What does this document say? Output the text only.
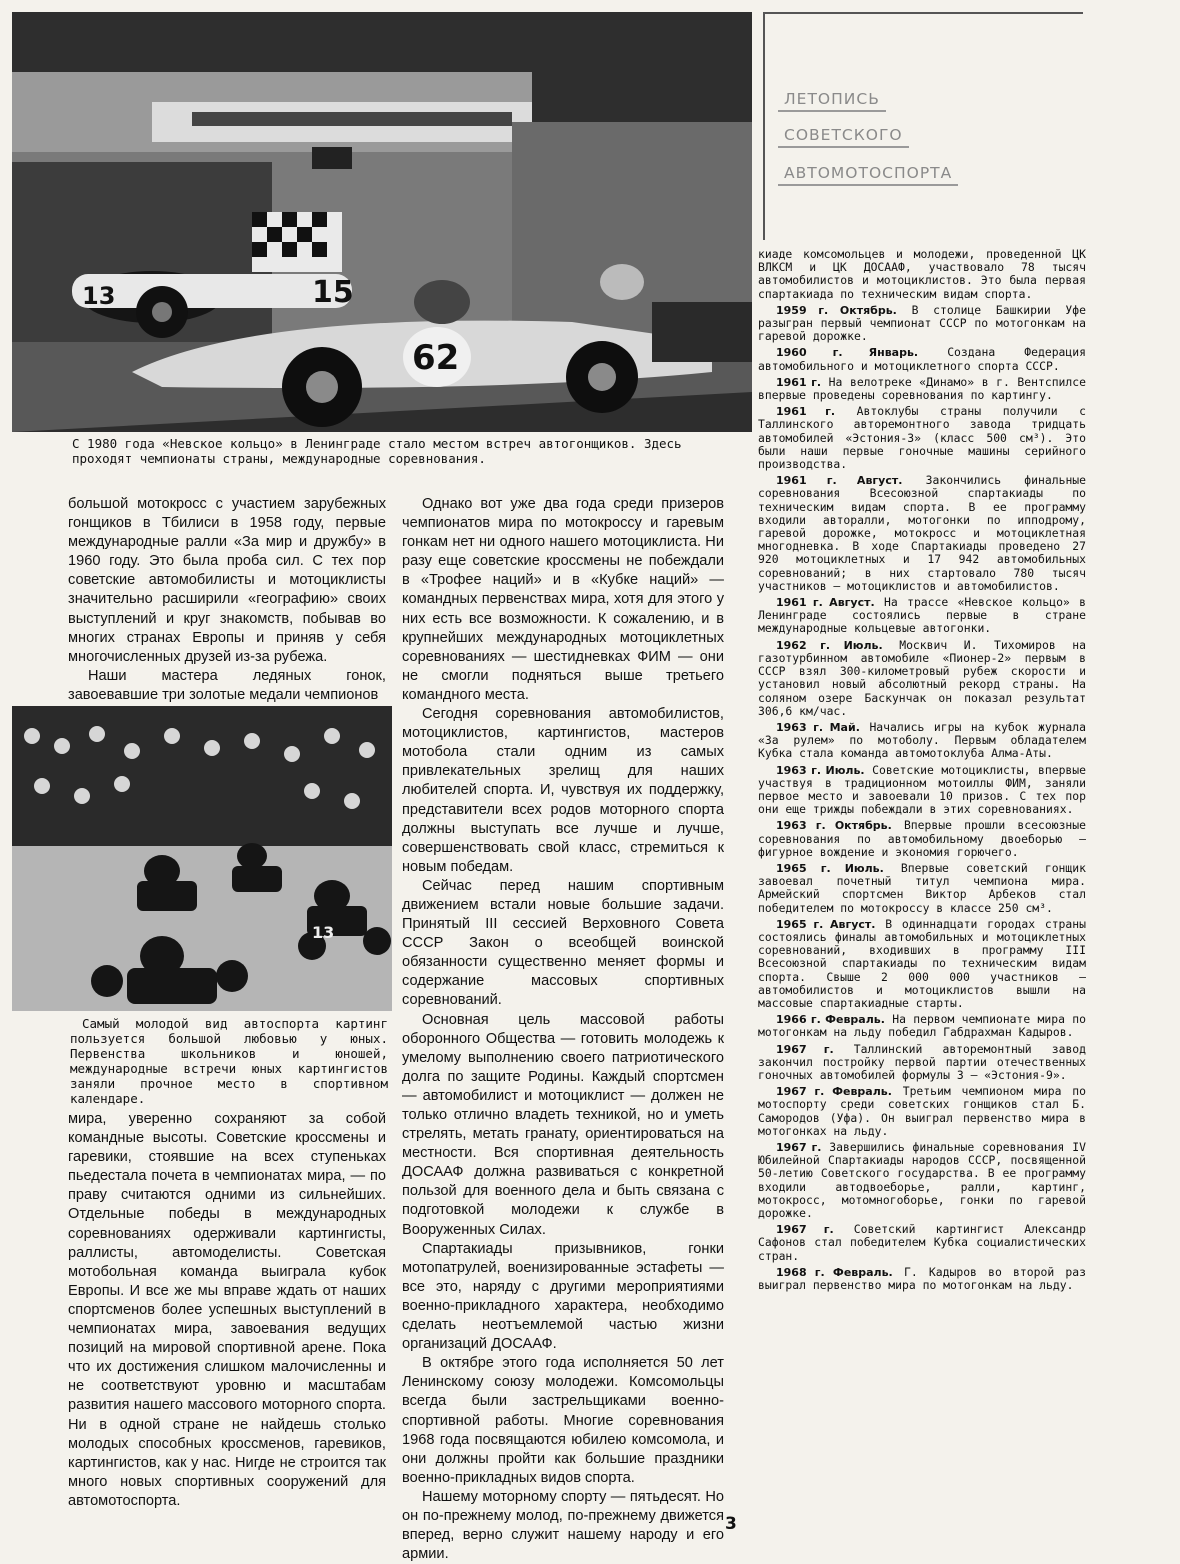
13	15
62
С 1980 года «Невское кольцо» в Ленинграде стало местом встреч автогонщиков. Здесь проходят чемпионаты страны, международные соревнования.

большой мотокросс с участием зарубежных гонщиков в Тбилиси в 1958 году, первые международные ралли «За мир и дружбу» в 1960 году. Это была проба сил. С тех пор советские автомобилисты и мотоциклисты значительно расширили «географию» своих выступлений и круг знакомств, побывав во многих странах Европы и приняв у себя многочисленных друзей из-за рубежа.

Наши мастера ледяных гонок, завоевавшие три золотые медали чемпионов

13
Самый молодой вид автоспорта картинг пользуется большой любовью у юных. Первенства школьников и юношей, международные встречи юных картингистов заняли прочное место в спортивном календаре.

мира, уверенно сохраняют за собой командные высоты. Советские кроссмены и гаревики, стоявшие на всех ступеньках пьедестала почета в чемпионатах мира, — по праву считаются одними из сильнейших. Отдельные победы в международных соревнованиях одерживали картингисты, раллисты, автомоделисты. Советская мотобольная команда выиграла кубок Европы. И все же мы вправе ждать от наших спортсменов более успешных выступлений в чемпионатах мира, завоевания ведущих позиций на мировой спортивной арене. Пока что их достижения слишком малочисленны и не соответствуют уровню и масштабам развития нашего массового моторного спорта. Ни в одной стране не найдешь столько молодых способных кроссменов, гаревиков, картингистов, как у нас. Нигде не строится так много новых спортивных сооружений для автомотоспорта.

Однако вот уже два года среди призеров чемпионатов мира по мотокроссу и гаревым гонкам нет ни одного нашего мотоциклиста. Ни разу еще советские кроссмены не побеждали в «Трофее наций» и в «Кубке наций» — командных первенствах мира, хотя для этого у них есть все возможности. К сожалению, и в крупнейших международных мотоциклетных соревнованиях — шестидневках ФИМ — они не смогли подняться выше третьего командного места.

Сегодня соревнования автомобилистов, мотоциклистов, картингистов, мастеров мотобола стали одним из самых привлекательных зрелищ для наших любителей спорта. И, чувствуя их поддержку, представители всех родов моторного спорта должны выступать все лучше и лучше, совершенствовать свой класс, стремиться к новым победам.

Сейчас перед нашим спортивным движением встали новые большие задачи. Принятый III сессией Верховного Совета СССР Закон о всеобщей воинской обязанности существенно меняет формы и содержание массовых спортивных соревнований.

Основная цель массовой работы оборонного Общества — готовить молодежь к умелому выполнению своего патриотического долга по защите Родины. Каждый спортсмен — автомобилист и мотоциклист — должен не только отлично владеть техникой, но и уметь стрелять, метать гранату, ориентироваться на местности. Вся спортивная деятельность ДОСААФ должна развиваться с конкретной пользой для военного дела и быть связана с подготовкой молодежи к службе в Вооруженных Силах.

Спартакиады призывников, гонки мотопатрулей, военизированные эстафеты — все это, наряду с другими мероприятиями военно-прикладного характера, необходимо сделать неотъемлемой частью жизни организаций ДОСААФ.

В октябре этого года исполняется 50 лет Ленинскому союзу молодежи. Комсомольцы всегда были застрельщиками военно-спортивной работы. Многие соревнования 1968 года посвящаются юбилею комсомола, и они должны пройти как большие праздники военно-прикладных видов спорта.

Нашему моторному спорту — пятьдесят. Но он по-прежнему молод, по-прежнему движется вперед, верно служит нашему народу и его армии.

ЛЕТОПИСЬ
СОВЕТСКОГО
АВТОМОТОСПОРТА

киаде комсомольцев и молодежи, проведенной ЦК ВЛКСМ и ЦК ДОСААФ, участвовало 78 тысяч автомобилистов и мотоциклистов. Это была первая спартакиада по техническим видам спорта.

1959 г. Октябрь. В столице Башкирии Уфе разыгран первый чемпионат СССР по мотогонкам на гаревой дорожке.

1960 г. Январь.	Создана Федерация автомобильного и мотоциклетного спорта СССР.

1961 г. На велотреке «Динамо» в г. Вентспилсе впервые проведены соревнования по картингу.

1961 г. Автоклубы страны получили с Таллинского авторемонтного завода тридцать автомобилей «Эстония-3» (класс 500 см³). Это были наши первые гоночные машины серийного производства.

1961 г. Август. Закончились финальные соревнования Всесоюзной спартакиады по техническим видам спорта. В ее программу входили авторалли, мотогонки по ипподрому, гаревой дорожке, мотокросс и мотоциклетная многодневка. В ходе Спартакиады проведено 27 920 мотоциклетных и 17 942 автомобильных соревнований; в них стартовало 780 тысяч участников — мотоциклистов и автомобилистов.

1961 г. Август. На трассе «Невское кольцо» в Ленинграде состоялись первые в стране международные кольцевые автогонки.

1962 г. Июль. Москвич И. Тихомиров на газотурбинном автомобиле «Пионер-2» первым в СССР взял 300-километровый рубеж скорости и установил новый абсолютный рекорд страны. На соляном озере Баскунчак он показал результат 306,6 км/час.

1963 г. Май. Начались игры на кубок журнала «За рулем» по мотоболу. Первым обладателем Кубка стала команда автомотоклуба Алма-Аты.

1963 г. Июль. Советские мотоциклисты, впервые участвуя в традиционном мотоиллы ФИМ, заняли первое место и завоевали 10 призов. С тех пор они еще трижды побеждали в этих соревнованиях.

1963 г. Октябрь. Впервые прошли всесоюзные соревнования по автомобильному двоеборью — фигурное вождение и экономия горючего.

1965 г. Июль. Впервые советский гонщик завоевал почетный титул чемпиона мира. Армейский спортсмен Виктор Арбеков стал победителем по мотокроссу в классе 250 см³.

1965 г. Август. В одиннадцати городах страны состоялись финалы автомобильных и мотоциклетных соревнований, входивших в программу III Всесоюзной спартакиады по техническим видам спорта. Свыше 2 000 000 участников — автомобилистов и мотоциклистов вышли на массовые спартакиадные старты.

1966 г. Февраль. На первом чемпионате мира по мотогонкам на льду победил Габдрахман Кадыров.

1967 г. Таллинский авторемонтный завод закончил постройку первой партии отечественных гоночных автомобилей формулы 3 — «Эстония-9».

1967 г. Февраль. Третьим чемпионом мира по мотоспорту среди советских гонщиков стал Б. Самородов (Уфа). Он выиграл первенство мира в мотогонках на льду.

1967 г. Завершились финальные соревнования IV Юбилейной Спартакиады народов СССР, посвященной 50-летию Советского государства. В ее программу входили автодвоеборье, ралли, картинг, мотокросс, мотомногоборье, гонки по гаревой дорожке.

1967 г. Советский картингист Александр Сафонов стал победителем Кубка социалистических стран.

1968 г. Февраль. Г. Кадыров во второй раз выиграл первенство мира по мотогонкам на льду.

3
